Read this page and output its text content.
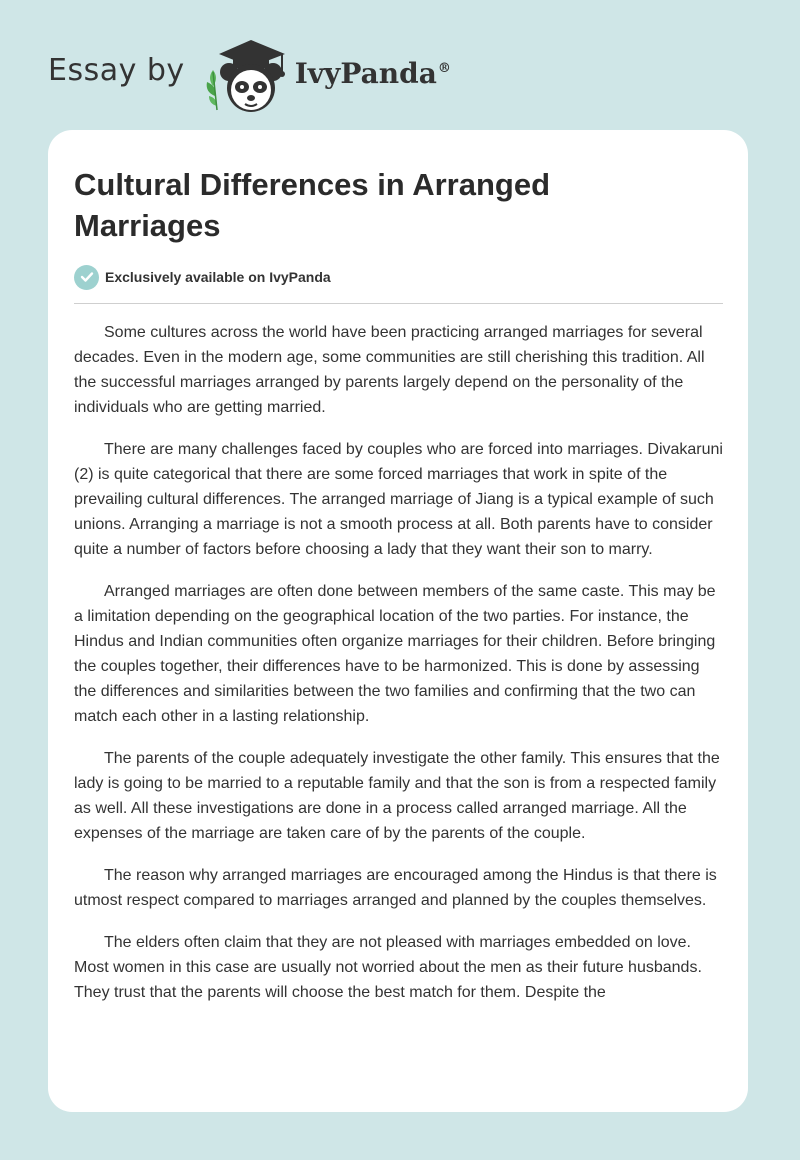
Essay by	IvyPanda®
Cultural Differences in Arranged Marriages
Exclusively available on IvyPanda

Some cultures across the world have been practicing arranged marriages for several decades. Even in the modern age, some communities are still cherishing this tradition. All the successful marriages arranged by parents largely depend on the personality of the individuals who are getting married.

There are many challenges faced by couples who are forced into marriages. Divakaruni (2) is quite categorical that there are some forced marriages that work in spite of the prevailing cultural differences. The arranged marriage of Jiang is a typical example of such unions. Arranging a marriage is not a smooth process at all. Both parents have to consider quite a number of factors before choosing a lady that they want their son to marry.

Arranged marriages are often done between members of the same caste. This may be a limitation depending on the geographical location of the two parties. For instance, the Hindus and Indian communities often organize marriages for their children. Before bringing the couples together, their differences have to be harmonized. This is done by assessing the differences and similarities between the two families and confirming that the two can match each other in a lasting relationship.

The parents of the couple adequately investigate the other family. This ensures that the lady is going to be married to a reputable family and that the son is from a respected family as well. All these investigations are done in a process called arranged marriage. All the expenses of the marriage are taken care of by the parents of the couple.

The reason why arranged marriages are encouraged among the Hindus is that there is utmost respect compared to marriages arranged and planned by the couples themselves.

The elders often claim that they are not pleased with marriages embedded on love. Most women in this case are usually not worried about the men as their future husbands. They trust that the parents will choose the best match for them. Despite the
